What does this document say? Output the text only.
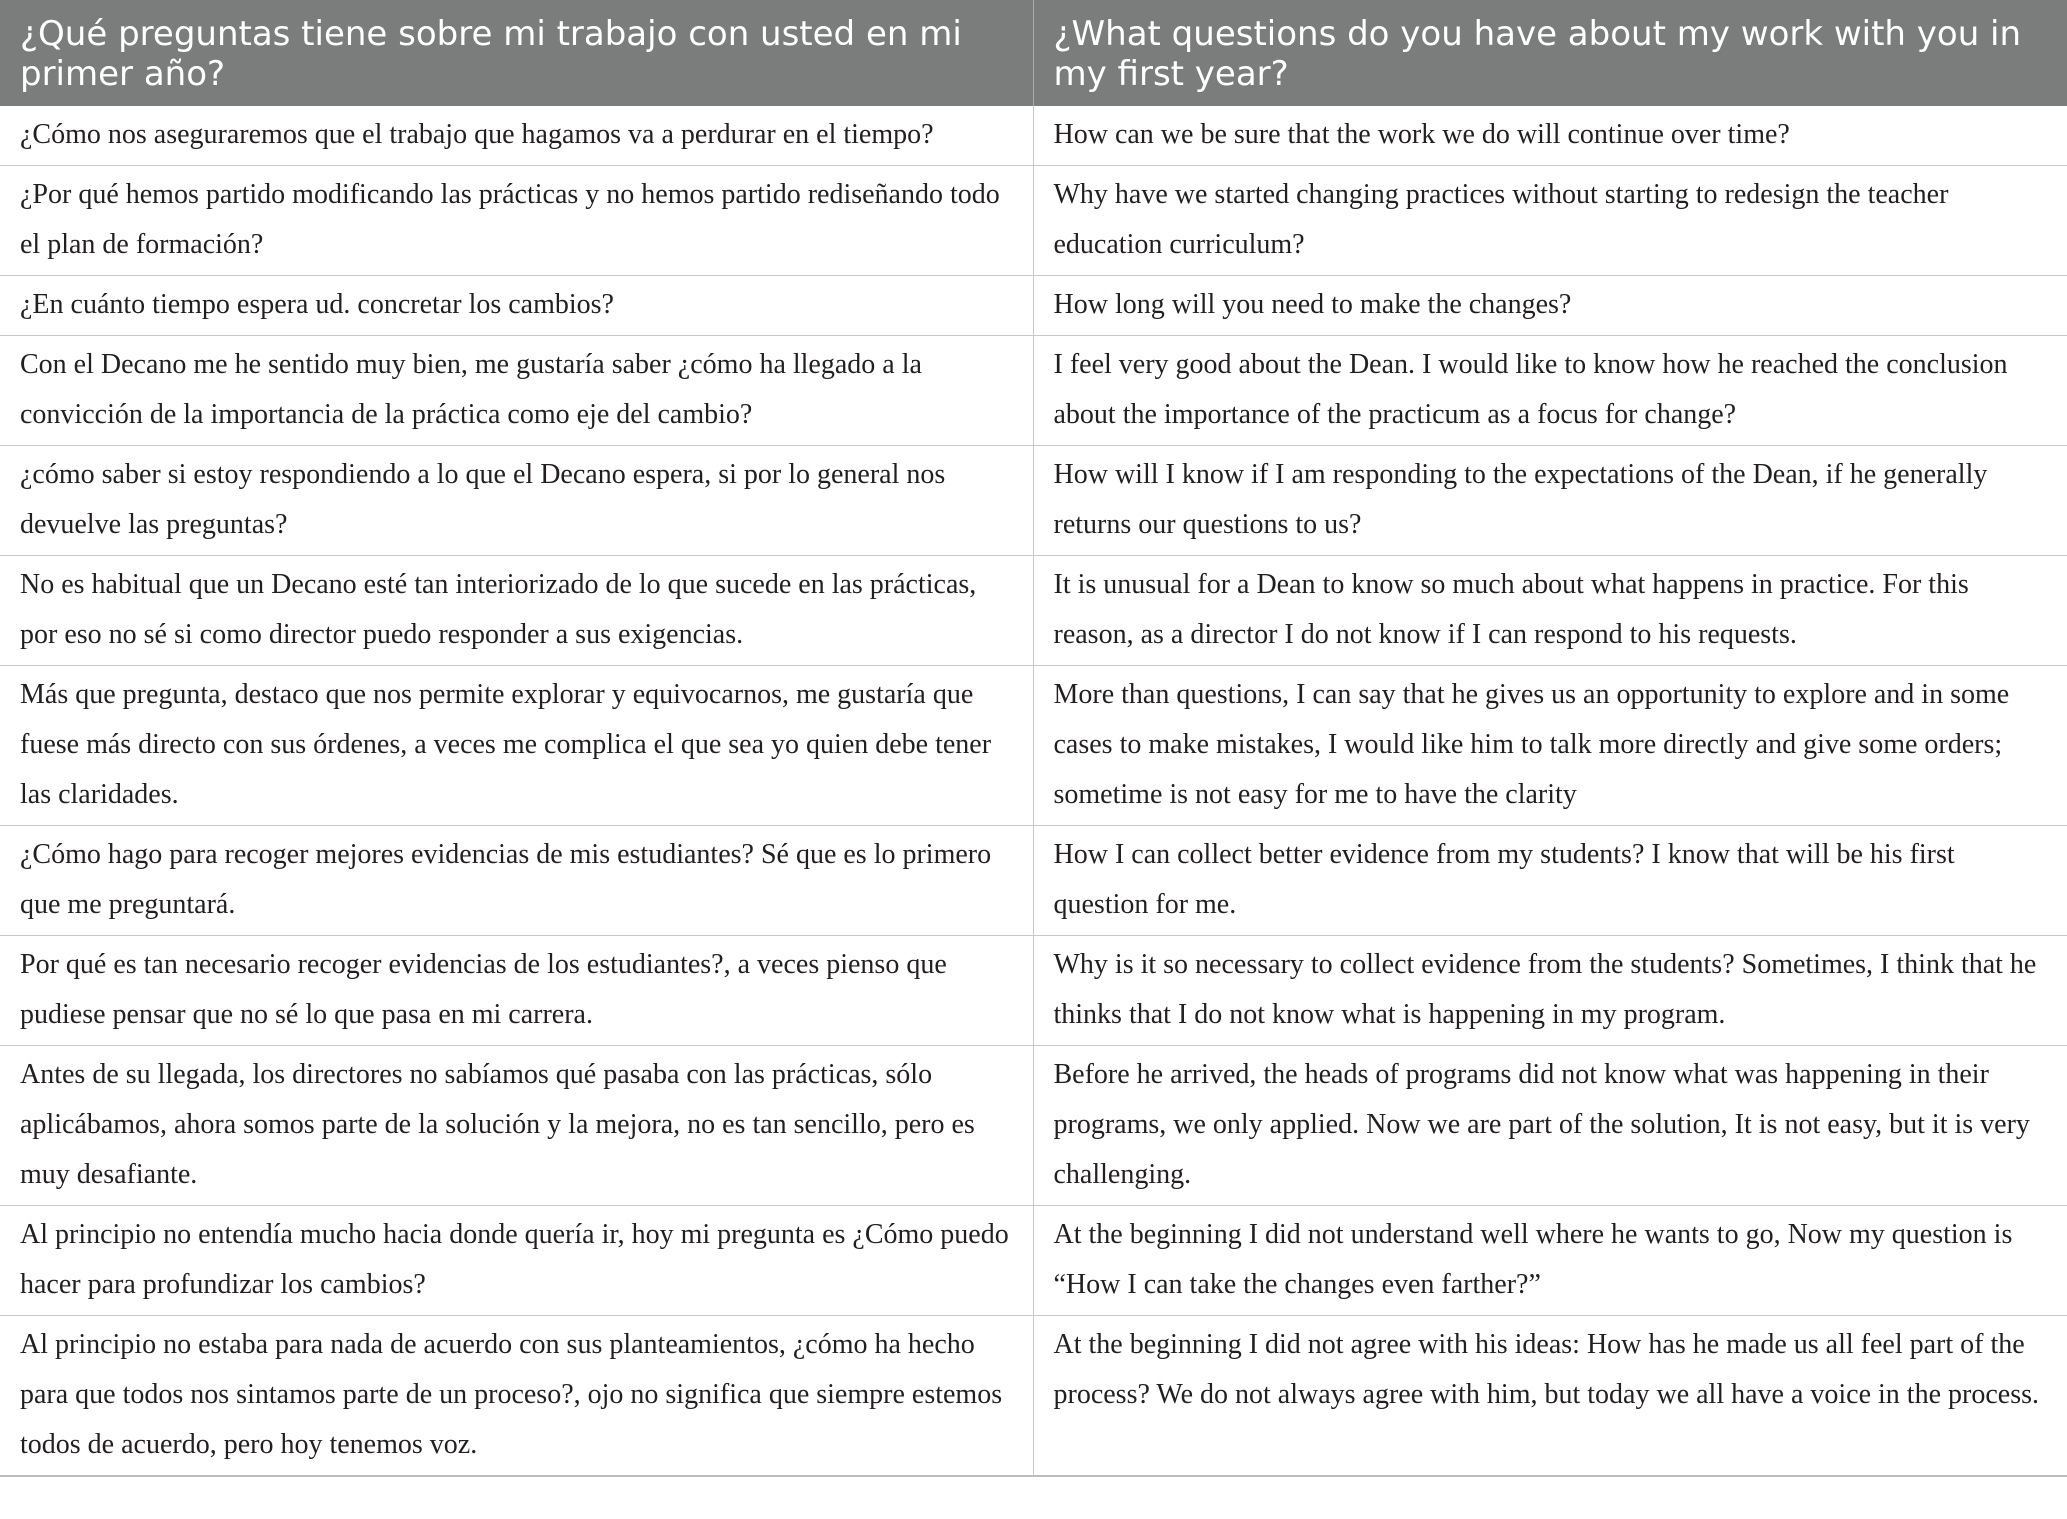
¿Qué preguntas tiene sobre mi trabajo con usted en mi primer año?	¿What questions do you have about my work with you in my first year?
¿Cómo nos aseguraremos que el trabajo que hagamos va a perdurar en el tiempo?	How can we be sure that the work we do will continue over time?
¿Por qué hemos partido modificando las prácticas y no hemos partido rediseñando todo el plan de formación?	Why have we started changing practices without starting to redesign the teacher education curriculum?
¿En cuánto tiempo espera ud. concretar los cambios?	How long will you need to make the changes?
Con el Decano me he sentido muy bien, me gustaría saber ¿cómo ha llegado a la convicción de la importancia de la práctica como eje del cambio?	I feel very good about the Dean. I would like to know how he reached the conclusion about the importance of the practicum as a focus for change?
¿cómo saber si estoy respondiendo a lo que el Decano espera, si por lo general nos devuelve las preguntas?	How will I know if I am responding to the expectations of the Dean, if he generally returns our questions to us?
No es habitual que un Decano esté tan interiorizado de lo que sucede en las prácticas, por eso no sé si como director puedo responder a sus exigencias.	It is unusual for a Dean to know so much about what happens in practice. For this reason, as a director I do not know if I can respond to his requests.
Más que pregunta, destaco que nos permite explorar y equivocarnos, me gustaría que fuese más directo con sus órdenes, a veces me complica el que sea yo quien debe tener las claridades.	More than questions, I can say that he gives us an opportunity to explore and in some cases to make mistakes, I would like him to talk more directly and give some orders; sometime is not easy for me to have the clarity
¿Cómo hago para recoger mejores evidencias de mis estudiantes? Sé que es lo primero que me preguntará.	How I can collect better evidence from my students? I know that will be his first question for me.
Por qué es tan necesario recoger evidencias de los estudiantes?, a veces pienso que pudiese pensar que no sé lo que pasa en mi carrera.	Why is it so necessary to collect evidence from the students? Sometimes, I think that he thinks that I do not know what is happening in my program.
Antes de su llegada, los directores no sabíamos qué pasaba con las prácticas, sólo aplicábamos, ahora somos parte de la solución y la mejora, no es tan sencillo, pero es muy desafiante.	Before he arrived, the heads of programs did not know what was happening in their programs, we only applied. Now we are part of the solution, It is not easy, but it is very challenging.
Al principio no entendía mucho hacia donde quería ir, hoy mi pregunta es ¿Cómo puedo hacer para profundizar los cambios?	At the beginning I did not understand well where he wants to go, Now my question is “How I can take the changes even farther?”
Al principio no estaba para nada de acuerdo con sus planteamientos, ¿cómo ha hecho para que todos nos sintamos parte de un proceso?, ojo no significa que siempre estemos todos de acuerdo, pero hoy tenemos voz.	At the beginning I did not agree with his ideas: How has he made us all feel part of the process? We do not always agree with him, but today we all have a voice in the process.
